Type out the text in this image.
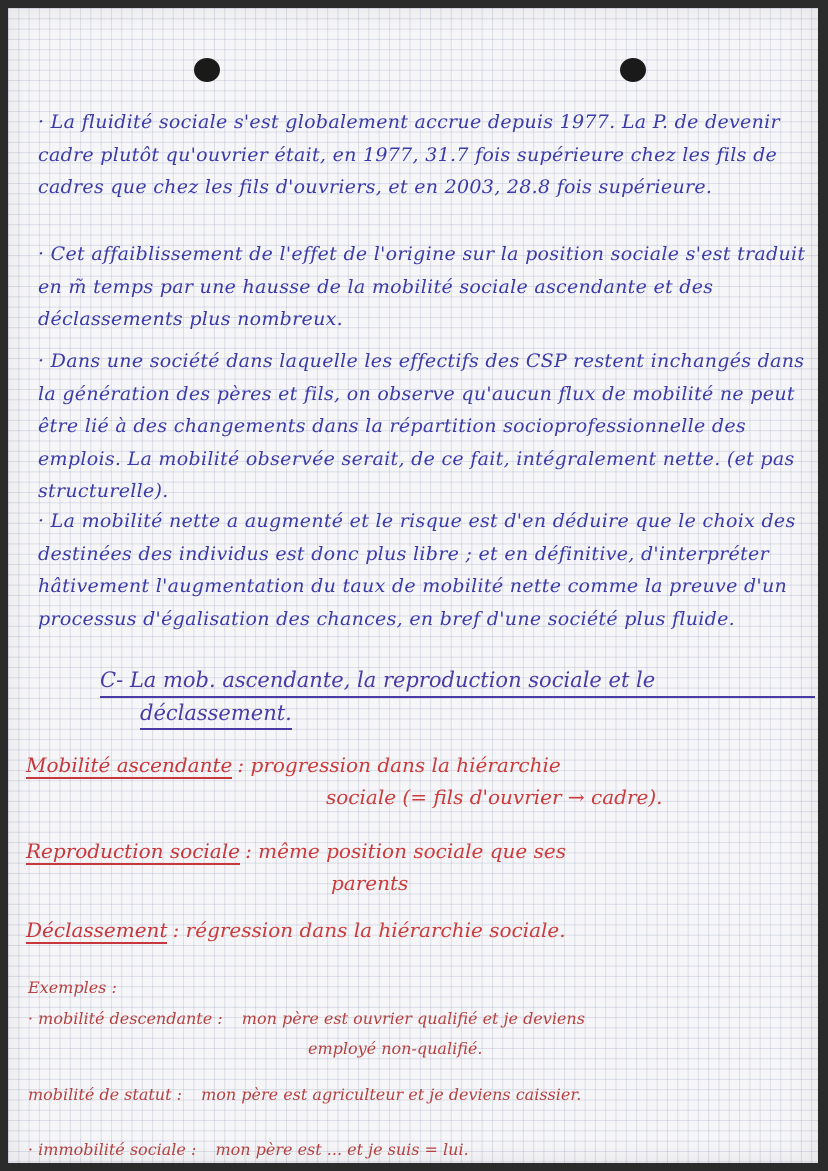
· La fluidité sociale s'est globalement accrue depuis 1977. La P. de devenir cadre plutôt qu'ouvrier était, en 1977, 31.7 fois supérieure chez les fils de cadres que chez les fils d'ouvriers, et en 2003, 28.8 fois supérieure.
· Cet affaiblissement de l'effet de l'origine sur la position sociale s'est traduit en m̃ temps par une hausse de la mobilité sociale ascendante et des déclassements plus nombreux.
· Dans une société dans laquelle les effectifs des CSP restent inchangés dans la génération des pères et fils, on observe qu'aucun flux de mobilité ne peut être lié à des changements dans la répartition socioprofessionnelle des emplois. La mobilité observée serait, de ce fait, intégralement nette. (et pas structurelle).
· La mobilité nette a augmenté et le risque est d'en déduire que le choix des destinées des individus est donc plus libre ; et en définitive, d'interpréter hâtivement l'augmentation du taux de mobilité nette comme la preuve d'un processus d'égalisation des chances, en bref d'une société plus fluide.
C- La mob. ascendante, la reproduction sociale et le
déclassement.
Mobilité ascendante : progression dans la hiérarchie
sociale (= fils d'ouvrier → cadre).
Reproduction sociale : même position sociale que ses
parents
Déclassement : régression dans la hiérarchie sociale.
Exemples :
· mobilité descendante : mon père est ouvrier qualifié et je deviens
employé non-qualifié.
mobilité de statut : mon père est agriculteur et je deviens caissier.
· immobilité sociale : mon père est ... et je suis = lui.
